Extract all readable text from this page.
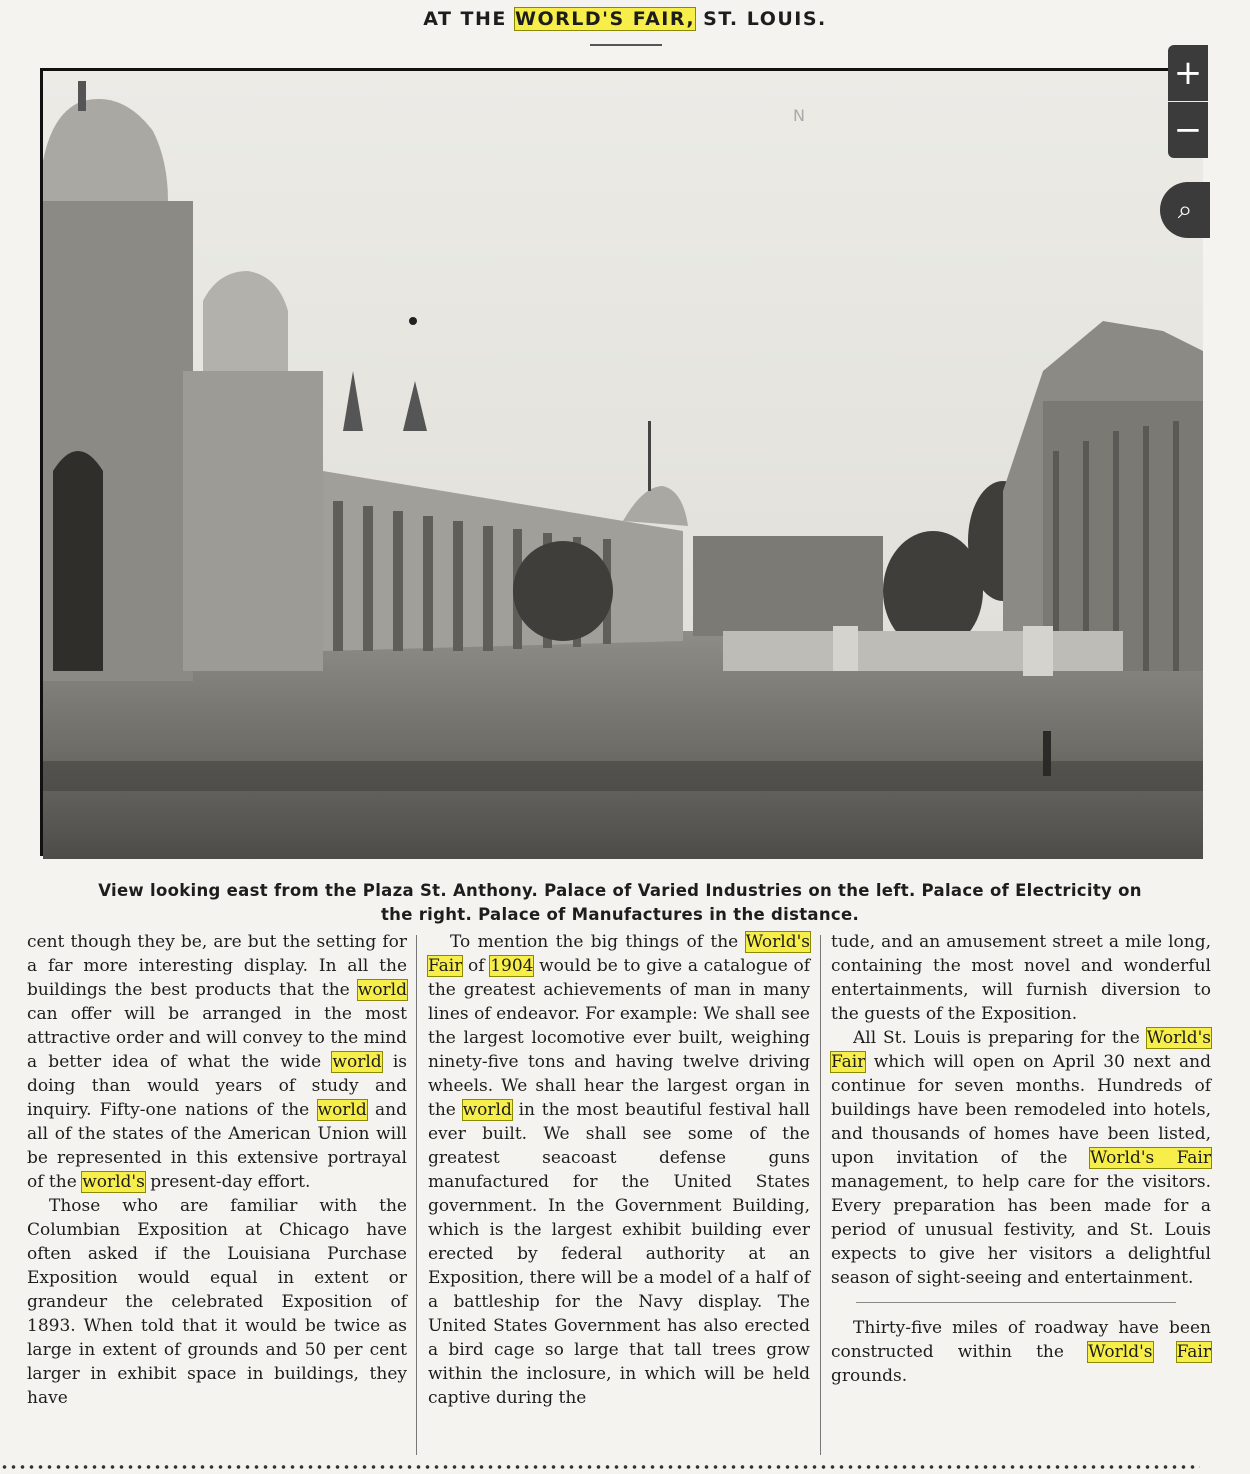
AT THE WORLD'S FAIR, ST. LOUIS.
N
+
−
⌕
View looking east from the Plaza St. Anthony. Palace of Varied Industries on the left. Palace of Electricity on
the right. Palace of Manufactures in the distance.

cent though they be, are but the setting for a far more interesting display. In all the buildings the best products that the world can offer will be arranged in the most attractive order and will convey to the mind a better idea of what the wide world is doing than would years of study and inquiry. Fifty-one nations of the world and all of the states of the American Union will be represented in this extensive portrayal of the world's present-day effort.

Those who are familiar with the Columbian Exposition at Chicago have often asked if the Louisiana Purchase Exposition would equal in extent or grandeur the celebrated Exposition of 1893. When told that it would be twice as large in extent of grounds and 50 per cent larger in exhibit space in buildings, they have

To mention the big things of the World's Fair of 1904 would be to give a catalogue of the greatest achievements of man in many lines of endeavor. For example: We shall see the largest locomotive ever built, weighing ninety-five tons and having twelve driving wheels. We shall hear the largest organ in the world in the most beautiful festival hall ever built. We shall see some of the greatest seacoast defense guns manufactured for the United States government. In the Government Building, which is the largest exhibit building ever erected by federal authority at an Exposition, there will be a model of a half of a battleship for the Navy display. The United States Government has also erected a bird cage so large that tall trees grow within the inclosure, in which will be held captive during the

tude, and an amusement street a mile long, containing the most novel and wonderful entertainments, will furnish diversion to the guests of the Exposition.

All St. Louis is preparing for the World's Fair which will open on April 30 next and continue for seven months. Hundreds of buildings have been remodeled into hotels, and thousands of homes have been listed, upon invitation of the World's Fair management, to help care for the visitors. Every preparation has been made for a period of unusual festivity, and St. Louis expects to give her visitors a delightful season of sight-seeing and entertainment.

Thirty-five miles of roadway have been constructed within the World's Fair grounds.
